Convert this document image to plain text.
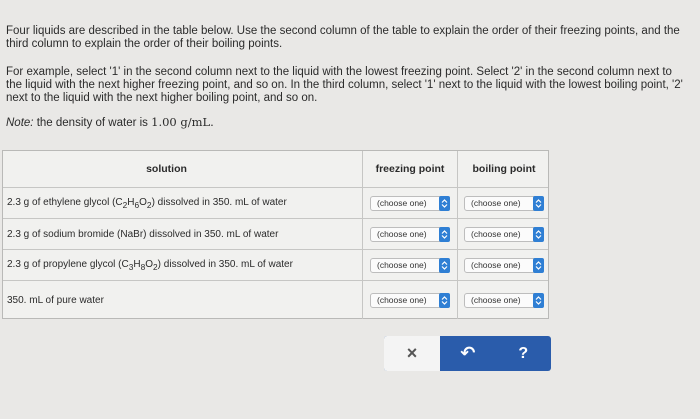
Four liquids are described in the table below. Use the second column of the table to explain the order of their freezing points, and the third column to explain the order of their boiling points.
For example, select '1' in the second column next to the liquid with the lowest freezing point. Select '2' in the second column next to the liquid with the next higher freezing point, and so on. In the third column, select '1' next to the liquid with the lowest boiling point, '2' next to the liquid with the next higher boiling point, and so on.
Note: the density of water is 1.00 g/mL.
solution	freezing point	boiling point
2.3 g of ethylene glycol $(C_2H_6O_2)$ dissolved in 350. mL of water	(choose one)	(choose one)
2.3 g of sodium bromide (NaBr) dissolved in 350. mL of water	(choose one)	(choose one)
2.3 g of propylene glycol $(C_3H_8O_2)$ dissolved in 350. mL of water	(choose one)	(choose one)
350. mL of pure water	(choose one)	(choose one)
× ↶	?
